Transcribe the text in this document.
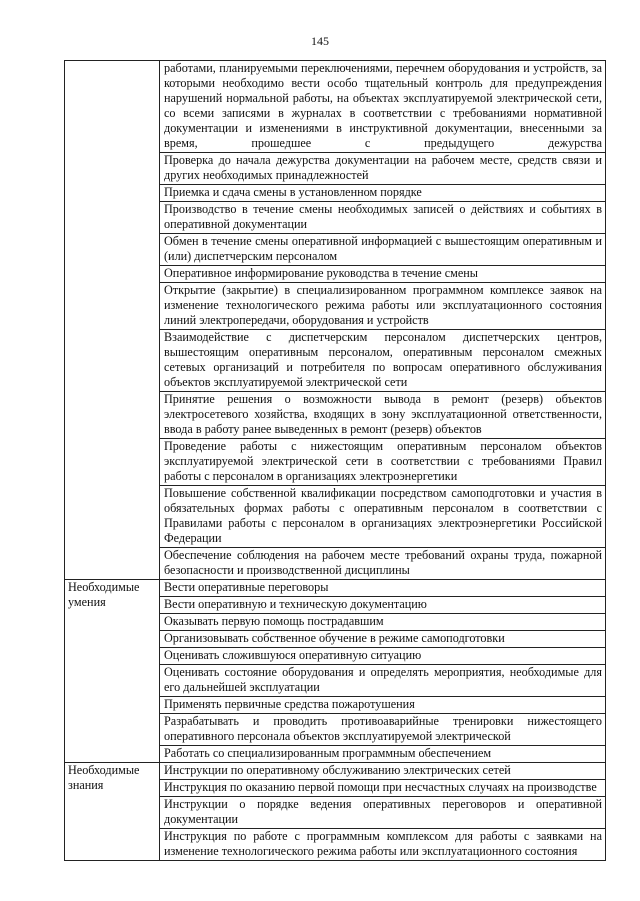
145
	работами, планируемыми переключениями, перечнем оборудования и устройств, за которыми необходимо вести особо тщательный контроль для предупреждения нарушений нормальной работы, на объектах эксплуатируемой электрической сети, со всеми записями в журналах в соответствии с требованиями нормативной документации и изменениями в инструктивной документации, внесенными за время, прошедшее с предыдущего дежурства
	Проверка до начала дежурства документации на рабочем месте, средств связи и других необходимых принадлежностей
	Приемка и сдача смены в установленном порядке
	Производство в течение смены необходимых записей о действиях и событиях в оперативной документации
	Обмен в течение смены оперативной информацией с вышестоящим оперативным и (или) диспетчерским персоналом
	Оперативное информирование руководства в течение смены
	Открытие (закрытие) в специализированном программном комплексе заявок на изменение технологического режима работы или эксплуатационного состояния линий электропередачи, оборудования и устройств
	Взаимодействие с диспетчерским персоналом диспетчерских центров, вышестоящим оперативным персоналом, оперативным персоналом смежных сетевых организаций и потребителя по вопросам оперативного обслуживания объектов эксплуатируемой электрической сети
	Принятие решения о возможности вывода в ремонт (резерв) объектов электросетевого хозяйства, входящих в зону эксплуатационной ответственности, ввода в работу ранее выведенных в ремонт (резерв) объектов
	Проведение работы с нижестоящим оперативным персоналом объектов эксплуатируемой электрической сети в соответствии с требованиями Правил работы с персоналом в организациях электроэнергетики
	Повышение собственной квалификации посредством самоподготовки и участия в обязательных формах работы с оперативным персоналом в соответствии с Правилами работы с персоналом в организациях электроэнергетики Российской Федерации
	Обеспечение соблюдения на рабочем месте требований охраны труда, пожарной безопасности и производственной дисциплины
Необходимые умения	Вести оперативные переговоры
	Вести оперативную и техническую документацию
	Оказывать первую помощь пострадавшим
	Организовывать собственное обучение в режиме самоподготовки
	Оценивать сложившуюся оперативную ситуацию
	Оценивать состояние оборудования и определять мероприятия, необходимые для его дальнейшей эксплуатации
	Применять первичные средства пожаротушения
	Разрабатывать и проводить противоаварийные тренировки нижестоящего оперативного персонала объектов эксплуатируемой электрической
	Работать со специализированным программным обеспечением
Необходимые знания	Инструкции по оперативному обслуживанию электрических сетей
	Инструкция по оказанию первой помощи при несчастных случаях на производстве
	Инструкции о порядке ведения оперативных переговоров и оперативной документации
	Инструкция по работе с программным комплексом для работы с заявками на изменение технологического режима работы или эксплуатационного состояния
